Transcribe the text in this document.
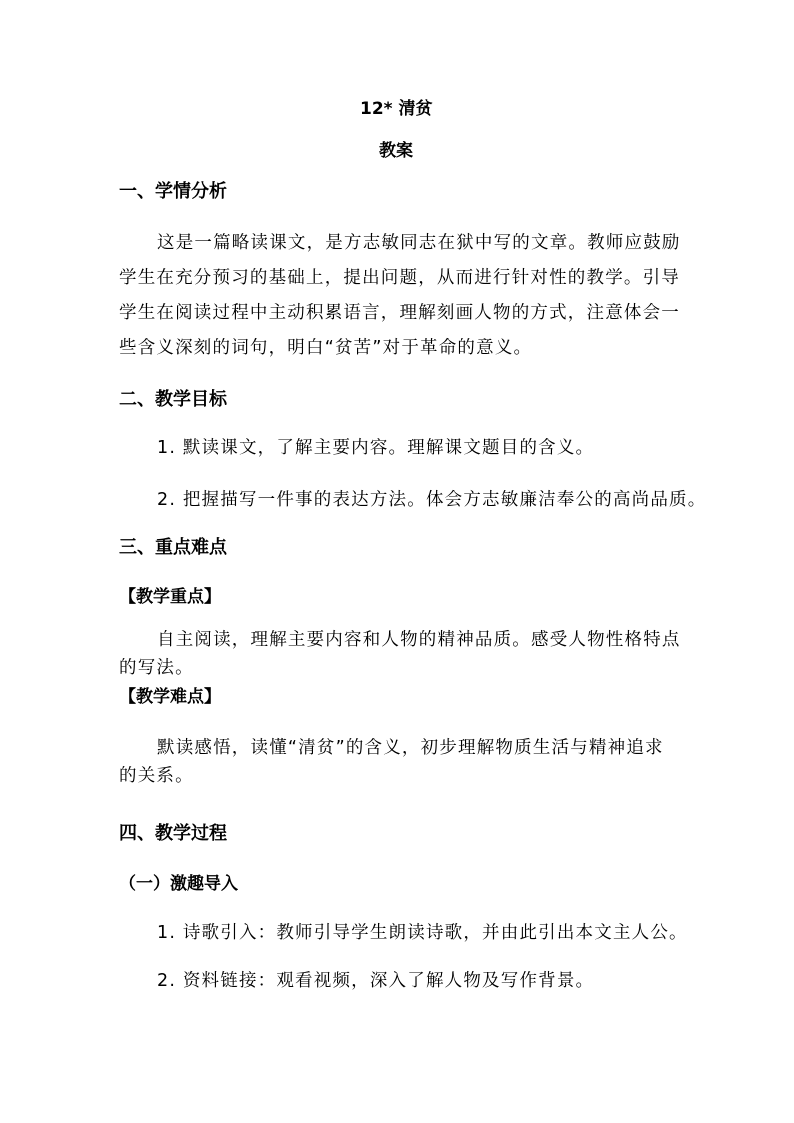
12* 清贫
教案
一、学情分析
这是一篇略读课文，是方志敏同志在狱中写的文章。教师应鼓励
学生在充分预习的基础上，提出问题，从而进行针对性的教学。引导
学生在阅读过程中主动积累语言，理解刻画人物的方式，注意体会一
些含义深刻的词句，明白“贫苦”对于革命的意义。
二、教学目标
1. 默读课文，了解主要内容。理解课文题目的含义。
2. 把握描写一件事的表达方法。体会方志敏廉洁奉公的高尚品质。
三、重点难点
【教学重点】
自主阅读，理解主要内容和人物的精神品质。感受人物性格特点
的写法。
【教学难点】
默读感悟，读懂“清贫”的含义，初步理解物质生活与精神追求
的关系。
四、教学过程
（一）激趣导入
1. 诗歌引入：教师引导学生朗读诗歌，并由此引出本文主人公。
2. 资料链接：观看视频，深入了解人物及写作背景。
